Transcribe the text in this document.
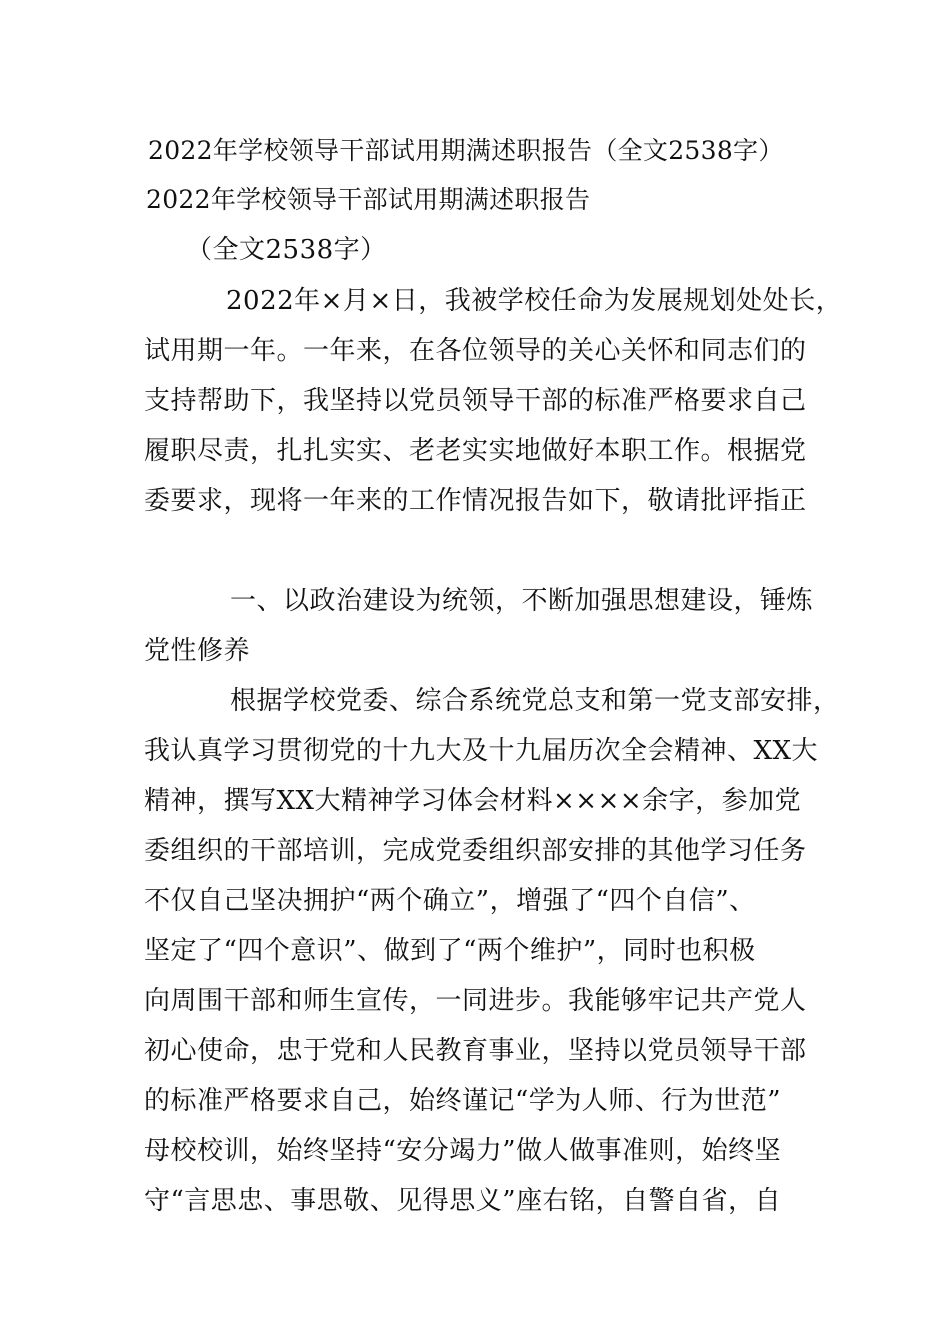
2022年学校领导干部试用期满述职报告（全文2538字）
2022年学校领导干部试用期满述职报告
（全文2538字）
2022年×月×日，我被学校任命为发展规划处处长，
试用期一年。一年来，在各位领导的关心关怀和同志们的
支持帮助下，我坚持以党员领导干部的标准严格要求自己
履职尽责，扎扎实实、老老实实地做好本职工作。根据党
委要求，现将一年来的工作情况报告如下，敬请批评指正
一、以政治建设为统领，不断加强思想建设，锤炼
党性修养
根据学校党委、综合系统党总支和第一党支部安排，
我认真学习贯彻党的十九大及十九届历次全会精神、XX大
精神，撰写XX大精神学习体会材料××××余字，参加党
委组织的干部培训，完成党委组织部安排的其他学习任务
不仅自己坚决拥护“两个确立”，增强了“四个自信”、
坚定了“四个意识”、做到了“两个维护”，同时也积极
向周围干部和师生宣传，一同进步。我能够牢记共产党人
初心使命，忠于党和人民教育事业，坚持以党员领导干部
的标准严格要求自己，始终谨记“学为人师、行为世范”
母校校训，始终坚持“安分竭力”做人做事准则，始终坚
守“言思忠、事思敬、见得思义”座右铭，自警自省，自
